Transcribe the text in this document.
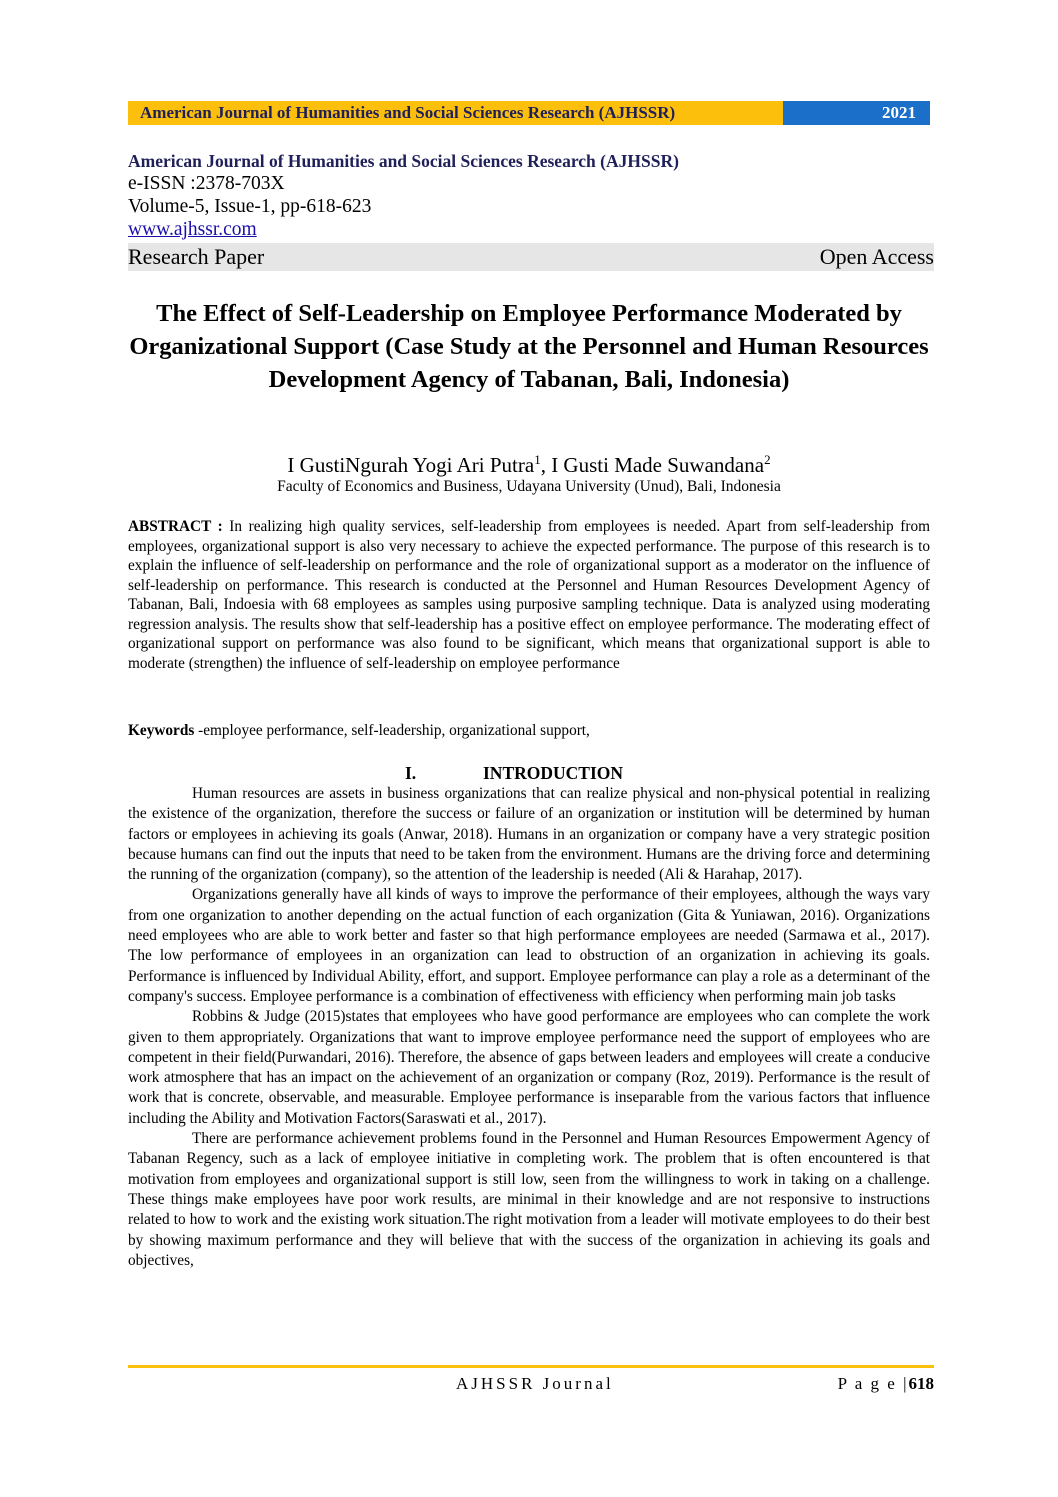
American Journal of Humanities and Social Sciences Research (AJHSSR)	2021
American Journal of Humanities and Social Sciences Research (AJHSSR)
e-ISSN :2378-703X
Volume-5, Issue-1, pp-618-623
www.ajhssr.com
Research Paper	Open Access
The Effect of Self-Leadership on Employee Performance Moderated by Organizational Support (Case Study at the Personnel and Human Resources Development Agency of Tabanan, Bali, Indonesia)
I GustiNgurah Yogi Ari Putra$^1$, I Gusti Made Suwandana$^2$
Faculty of Economics and Business, Udayana University (Unud), Bali, Indonesia
ABSTRACT : In realizing high quality services, self-leadership from employees is needed. Apart from self-leadership from employees, organizational support is also very necessary to achieve the expected performance. The purpose of this research is to explain the influence of self-leadership on performance and the role of organizational support as a moderator on the influence of self-leadership on performance. This research is conducted at the Personnel and Human Resources Development Agency of Tabanan, Bali, Indoesia with 68 employees as samples using purposive sampling technique. Data is analyzed using moderating regression analysis. The results show that self-leadership has a positive effect on employee performance. The moderating effect of organizational support on performance was also found to be significant, which means that organizational support is able to moderate (strengthen) the influence of self-leadership on employee performance
Keywords -employee performance, self-leadership, organizational support,
I.	INTRODUCTION

Human resources are assets in business organizations that can realize physical and non-physical potential in realizing the existence of the organization, therefore the success or failure of an organization or institution will be determined by human factors or employees in achieving its goals (Anwar, 2018). Humans in an organization or company have a very strategic position because humans can find out the inputs that need to be taken from the environment. Humans are the driving force and determining the running of the organization (company), so the attention of the leadership is needed (Ali & Harahap, 2017).

Organizations generally have all kinds of ways to improve the performance of their employees, although the ways vary from one organization to another depending on the actual function of each organization (Gita & Yuniawan, 2016). Organizations need employees who are able to work better and faster so that high performance employees are needed (Sarmawa et al., 2017). The low performance of employees in an organization can lead to obstruction of an organization in achieving its goals. Performance is influenced by Individual Ability, effort, and support. Employee performance can play a role as a determinant of the company's success. Employee performance is a combination of effectiveness with efficiency when performing main job tasks

Robbins & Judge (2015)states that employees who have good performance are employees who can complete the work given to them appropriately. Organizations that want to improve employee performance need the support of employees who are competent in their field(Purwandari, 2016). Therefore, the absence of gaps between leaders and employees will create a conducive work atmosphere that has an impact on the achievement of an organization or company (Roz, 2019). Performance is the result of work that is concrete, observable, and measurable. Employee performance is inseparable from the various factors that influence including the Ability and Motivation Factors(Saraswati et al., 2017).

There are performance achievement problems found in the Personnel and Human Resources Empowerment Agency of Tabanan Regency, such as a lack of employee initiative in completing work. The problem that is often encountered is that motivation from employees and organizational support is still low, seen from the willingness to work in taking on a challenge. These things make employees have poor work results, are minimal in their knowledge and are not responsive to instructions related to how to work and the existing work situation.The right motivation from a leader will motivate employees to do their best by showing maximum performance and they will believe that with the success of the organization in achieving its goals and objectives,

AJHSSR Journal	P a g e |618
